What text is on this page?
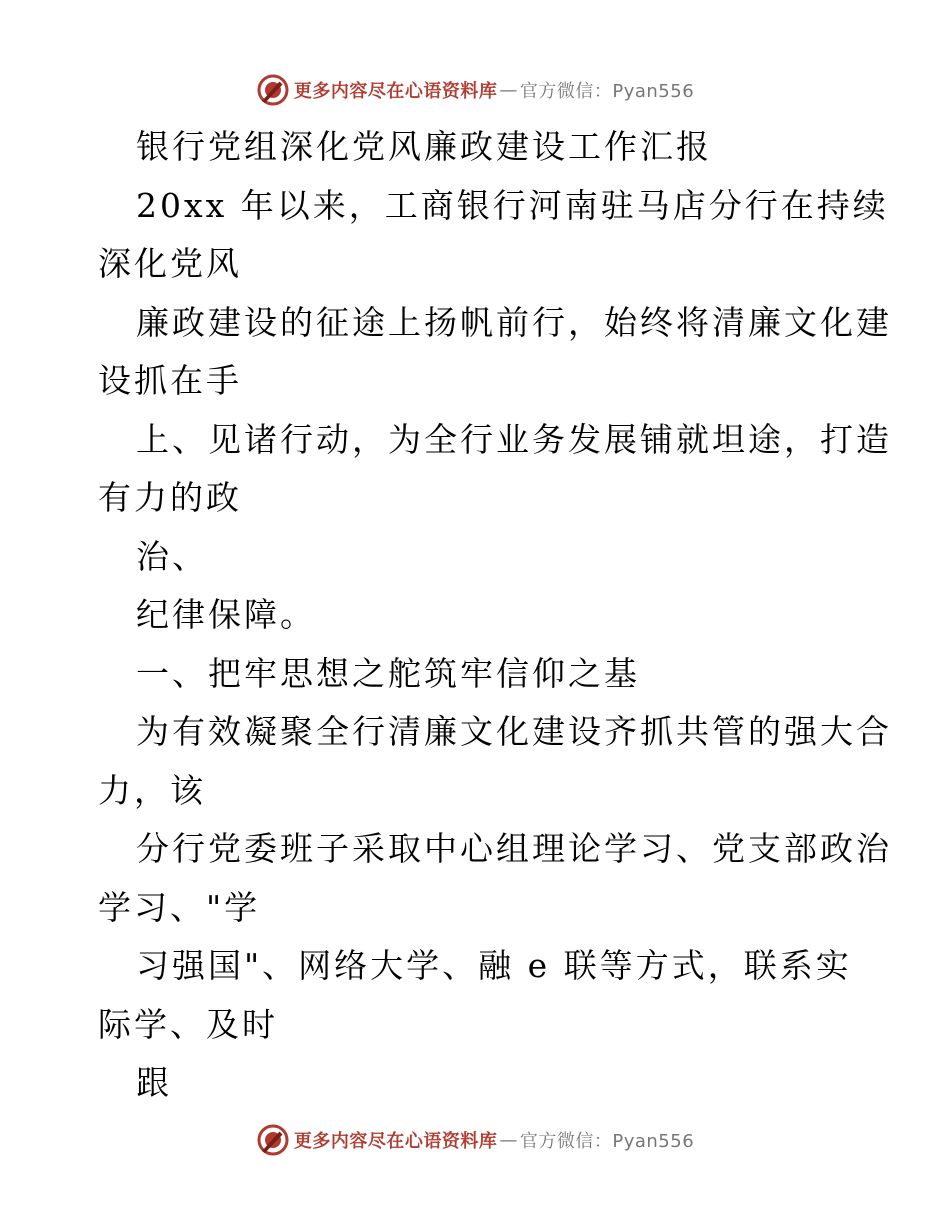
更多内容尽在心语资料库 — 官方微信：Pyan556

银行党组深化党风廉政建设工作汇报

20xx 年以来，工商银行河南驻马店分行在持续

深化党风

廉政建设的征途上扬帆前行，始终将清廉文化建

设抓在手

上、见诸行动，为全行业务发展铺就坦途，打造

有力的政

治、

纪律保障。

一、把牢思想之舵筑牢信仰之基

为有效凝聚全行清廉文化建设齐抓共管的强大合

力，该

分行党委班子采取中心组理论学习、党支部政治

学习、"学

习强国"、网络大学、融 e 联等方式，联系实

际学、及时

跟

更多内容尽在心语资料库 — 官方微信：Pyan556
